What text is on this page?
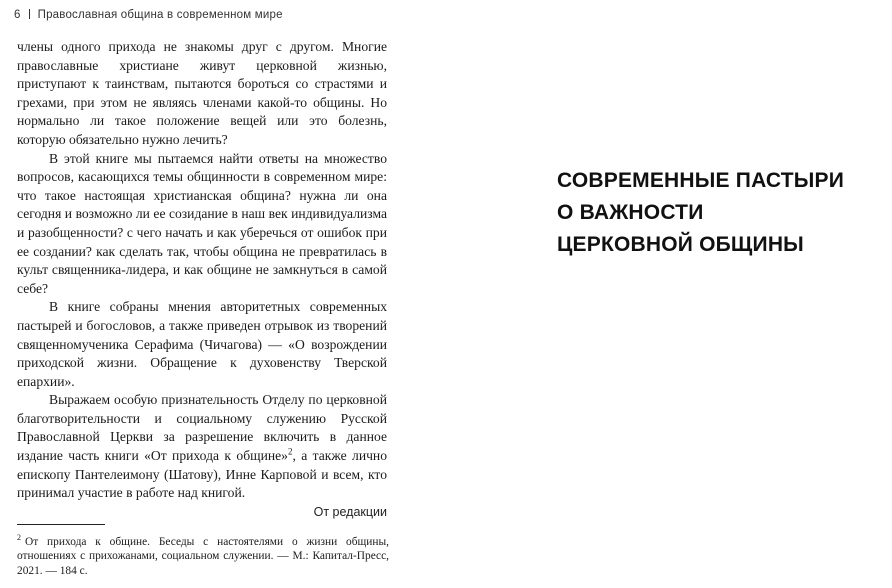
6 Православная община в современном мире

члены одного прихода не знакомы друг с другом. Многие православные христиане живут церковной жизнью, приступают к таинствам, пытаются бороться со страстями и грехами, при этом не являясь членами какой-то общины. Но нормально ли такое положение вещей или это болезнь, которую обязательно нужно лечить?

В этой книге мы пытаемся найти ответы на множество вопросов, касающихся темы общинности в современном мире: что такое настоящая христианская община? нужна ли она сегодня и возможно ли ее созидание в наш век индивидуализма и разобщенности? с чего начать и как уберечься от ошибок при ее создании? как сделать так, чтобы община не превратилась в культ священника-лидера, и как общине не замкнуться в самой себе?

В книге собраны мнения авторитетных современных пастырей и богословов, а также приведен отрывок из творений священномученика Серафима (Чичагова) — «О возрождении приходской жизни. Обращение к духовенству Тверской епархии».

Выражаем особую признательность Отделу по церковной благотворительности и социальному служению Русской Православной Церкви за разрешение включить в данное издание часть книги «От прихода к общине»$^2$, а также лично епископу Пантелеимону (Шатову), Инне Карповой и всем, кто принимал участие в работе над книгой.

От редакции
$^2$ От прихода к общине. Беседы с настоятелями о жизни общины, отношениях с прихожанами, социальном служении. — М.: Капитал-Пресс, 2021. — 184 с.
СОВРЕМЕННЫЕ ПАСТЫРИ
О ВАЖНОСТИ
ЦЕРКОВНОЙ ОБЩИНЫ
